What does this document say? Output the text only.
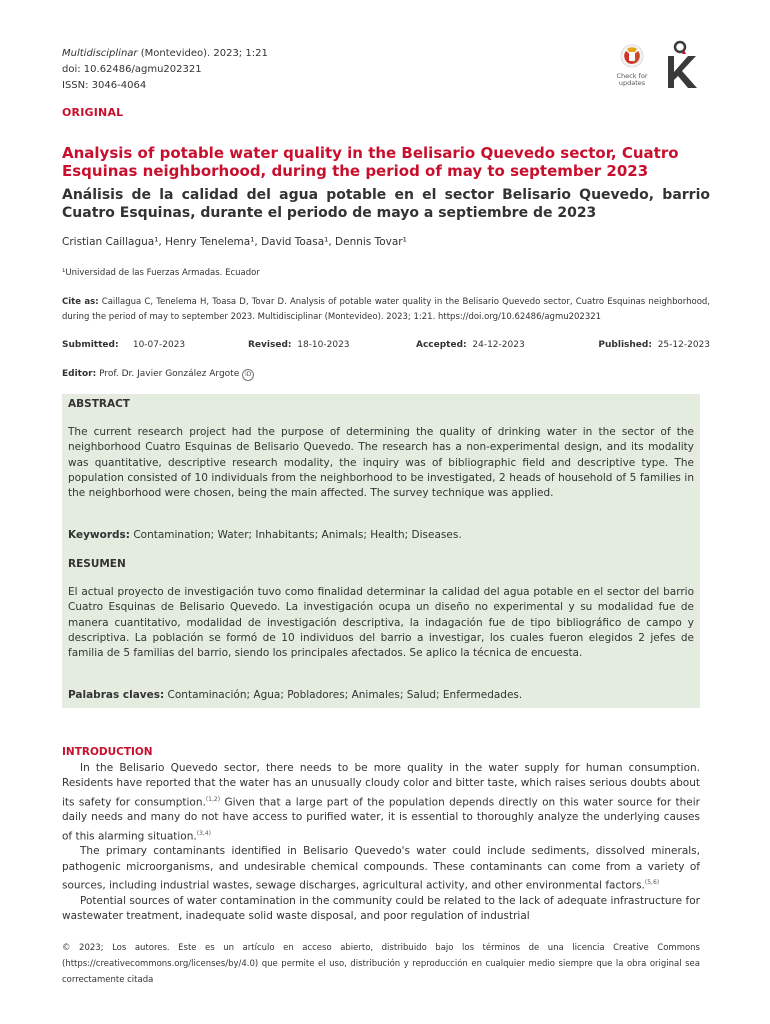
Multidisciplinar (Montevideo). 2023; 1:21
doi: 10.62486/agmu202321
ISSN: 3046-4064
Check for updates
ORIGINAL
Analysis of potable water quality in the Belisario Quevedo sector, Cuatro Esquinas neighborhood, during the period of may to september 2023
Análisis de la calidad del agua potable en el sector Belisario Quevedo, barrio Cuatro Esquinas, durante el periodo de mayo a septiembre de 2023
Cristian Caillagua¹, Henry Tenelema¹, David Toasa¹, Dennis Tovar¹
¹Universidad de las Fuerzas Armadas. Ecuador
Cite as: Caillagua C, Tenelema H, Toasa D, Tovar D. Analysis of potable water quality in the Belisario Quevedo sector, Cuatro Esquinas neighborhood, during the period of may to september 2023. Multidisciplinar (Montevideo). 2023; 1:21. https://doi.org/10.62486/agmu202321
Submitted: 10-07-2023	Revised: 18-10-2023	Accepted: 24-12-2023	Published: 25-12-2023
Editor: Prof. Dr. Javier González Argote iD
ABSTRACT
The current research project had the purpose of determining the quality of drinking water in the sector of the neighborhood Cuatro Esquinas de Belisario Quevedo. The research has a non-experimental design, and its modality was quantitative, descriptive research modality, the inquiry was of bibliographic field and descriptive type. The population consisted of 10 individuals from the neighborhood to be investigated, 2 heads of household of 5 families in the neighborhood were chosen, being the main affected. The survey technique was applied.
Keywords: Contamination; Water; Inhabitants; Animals; Health; Diseases.
RESUMEN
El actual proyecto de investigación tuvo como finalidad determinar la calidad del agua potable en el sector del barrio Cuatro Esquinas de Belisario Quevedo. La investigación ocupa un diseño no experimental y su modalidad fue de manera cuantitativo, modalidad de investigación descriptiva, la indagación fue de tipo bibliográfico de campo y descriptiva. La población se formó de 10 individuos del barrio a investigar, los cuales fueron elegidos 2 jefes de familia de 5 familias del barrio, siendo los principales afectados. Se aplico la técnica de encuesta.
Palabras claves: Contaminación; Agua; Pobladores; Animales; Salud; Enfermedades.
INTRODUCTION

In the Belisario Quevedo sector, there needs to be more quality in the water supply for human consumption. Residents have reported that the water has an unusually cloudy color and bitter taste, which raises serious doubts about its safety for consumption.$^{(1,2)}$ Given that a large part of the population depends directly on this water source for their daily needs and many do not have access to purified water, it is essential to thoroughly analyze the underlying causes of this alarming situation.$^{(3,4)}$

The primary contaminants identified in Belisario Quevedo's water could include sediments, dissolved minerals, pathogenic microorganisms, and undesirable chemical compounds. These contaminants can come from a variety of sources, including industrial wastes, sewage discharges, agricultural activity, and other environmental factors.$^{(5,6)}$

Potential sources of water contamination in the community could be related to the lack of adequate infrastructure for wastewater treatment, inadequate solid waste disposal, and poor regulation of industrial

© 2023; Los autores. Este es un artículo en acceso abierto, distribuido bajo los términos de una licencia Creative Commons (https://creativecommons.org/licenses/by/4.0) que permite el uso, distribución y reproducción en cualquier medio siempre que la obra original sea correctamente citada
